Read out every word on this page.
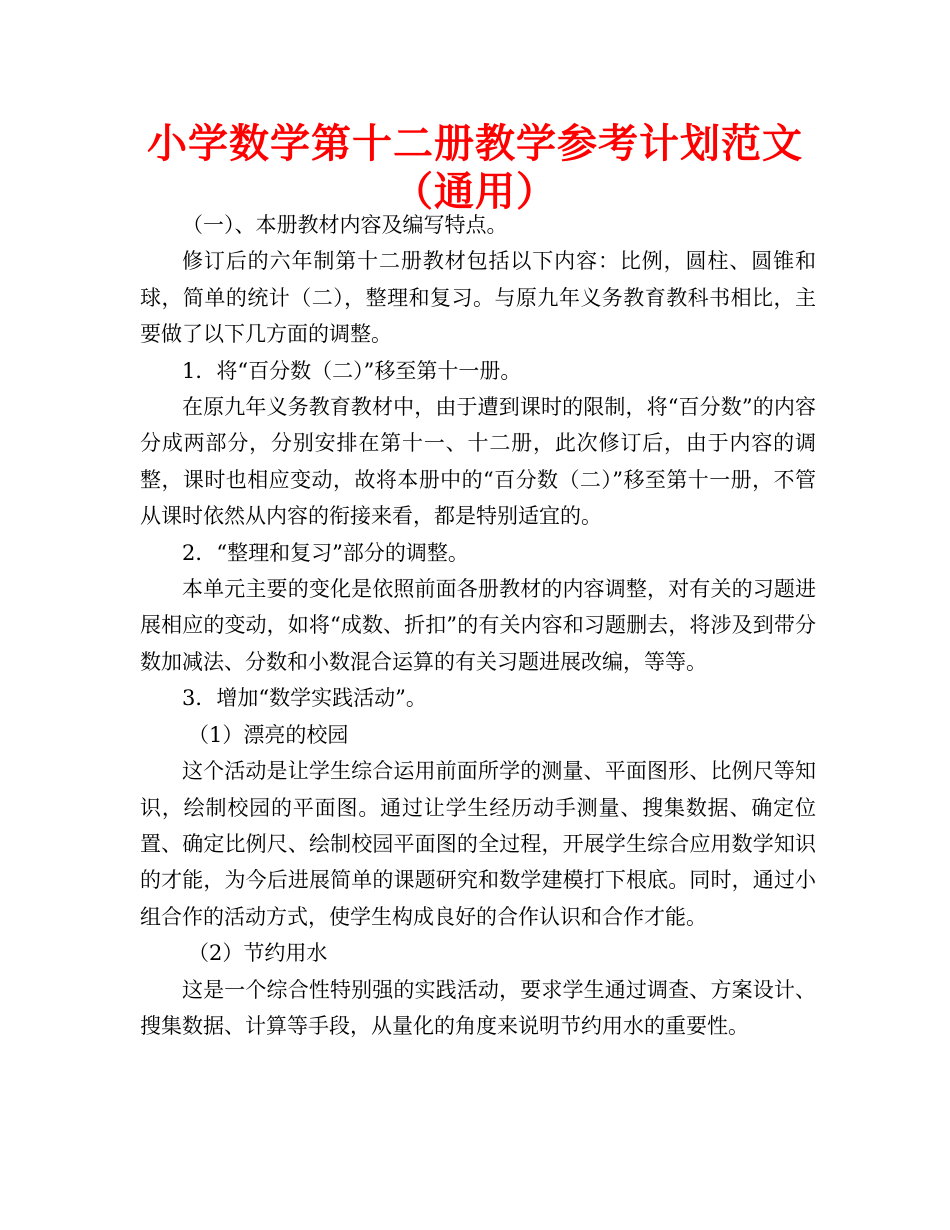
小学数学第十二册教学参考计划范文（通用）

（一）、本册教材内容及编写特点。

修订后的六年制第十二册教材包括以下内容：比例，圆柱、圆锥和球，简单的统计（二），整理和复习。与原九年义务教育教科书相比，主要做了以下几方面的调整。

1．将“百分数（二）”移至第十一册。

在原九年义务教育教材中，由于遭到课时的限制，将“百分数”的内容分成两部分，分别安排在第十一、十二册，此次修订后，由于内容的调整，课时也相应变动，故将本册中的“百分数（二）”移至第十一册，不管从课时依然从内容的衔接来看，都是特别适宜的。

2．“整理和复习”部分的调整。

本单元主要的变化是依照前面各册教材的内容调整，对有关的习题进展相应的变动，如将“成数、折扣”的有关内容和习题删去，将涉及到带分数加减法、分数和小数混合运算的有关习题进展改编，等等。

3．增加“数学实践活动”。

（1）漂亮的校园

这个活动是让学生综合运用前面所学的测量、平面图形、比例尺等知识，绘制校园的平面图。通过让学生经历动手测量、搜集数据、确定位置、确定比例尺、绘制校园平面图的全过程，开展学生综合应用数学知识的才能，为今后进展简单的课题研究和数学建模打下根底。同时，通过小组合作的活动方式，使学生构成良好的合作认识和合作才能。

（2）节约用水

这是一个综合性特别强的实践活动，要求学生通过调查、方案设计、搜集数据、计算等手段，从量化的角度来说明节约用水的重要性。
